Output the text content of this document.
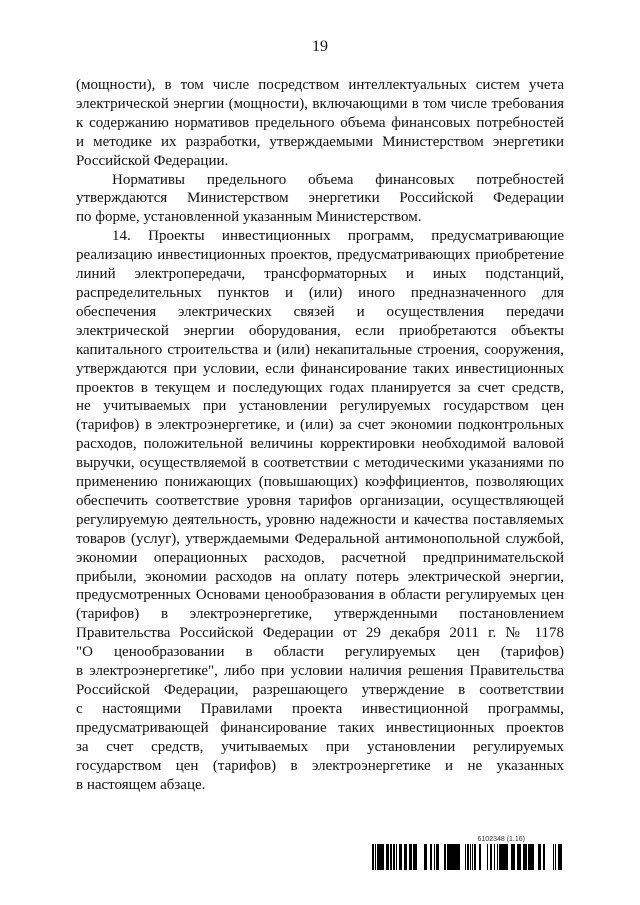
19

(мощности), в том числе посредством интеллектуальных систем учета
электрической энергии (мощности), включающими в том числе требования
к содержанию нормативов предельного объема финансовых потребностей
и методике их разработки, утверждаемыми Министерством энергетики
Российской Федерации.

Нормативы предельного объема финансовых потребностей
утверждаются Министерством энергетики Российской Федерации
по форме, установленной указанным Министерством.

14. Проекты инвестиционных программ, предусматривающие
реализацию инвестиционных проектов, предусматривающих приобретение
линий электропередачи, трансформаторных и иных подстанций,
распределительных пунктов и (или) иного предназначенного для
обеспечения электрических связей и осуществления передачи
электрической энергии оборудования, если приобретаются объекты
капитального строительства и (или) некапитальные строения, сооружения,
утверждаются при условии, если финансирование таких инвестиционных
проектов в текущем и последующих годах планируется за счет средств,
не учитываемых при установлении регулируемых государством цен
(тарифов) в электроэнергетике, и (или) за счет экономии подконтрольных
расходов, положительной величины корректировки необходимой валовой
выручки, осуществляемой в соответствии с методическими указаниями по
применению понижающих (повышающих) коэффициентов, позволяющих
обеспечить соответствие уровня тарифов организации, осуществляющей
регулируемую деятельность, уровню надежности и качества поставляемых
товаров (услуг), утверждаемыми Федеральной антимонопольной службой,
экономии операционных расходов, расчетной предпринимательской
прибыли, экономии расходов на оплату потерь электрической энергии,
предусмотренных Основами ценообразования в области регулируемых цен
(тарифов) в электроэнергетике, утвержденными постановлением
Правительства Российской Федерации от 29 декабря 2011 г. № 1178
"О ценообразовании в области регулируемых цен (тарифов)
в электроэнергетике", либо при условии наличия решения Правительства
Российской Федерации, разрешающего утверждение в соответствии
с настоящими Правилами проекта инвестиционной программы,
предусматривающей финансирование таких инвестиционных проектов
за счет средств, учитываемых при установлении регулируемых
государством цен (тарифов) в электроэнергетике и не указанных
в настоящем абзаце.

6102348 (1.16)
